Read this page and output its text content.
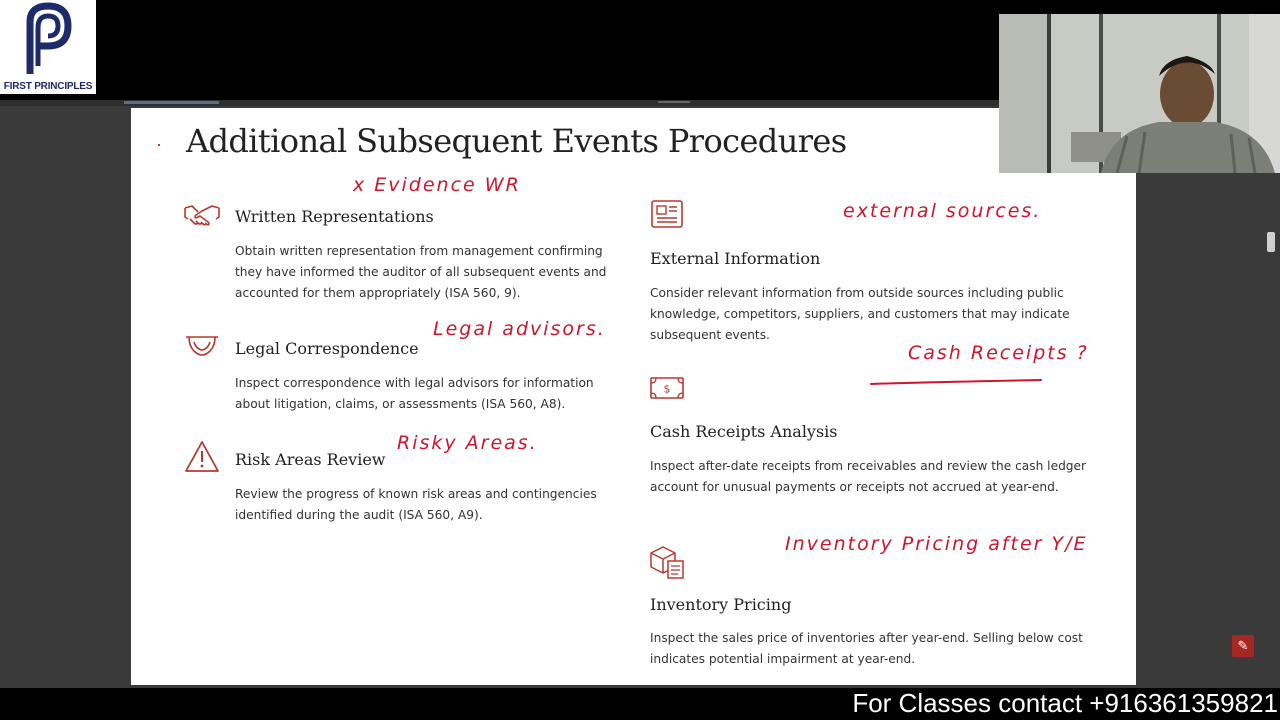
FIRST PRINCIPLES
✎
Additional Subsequent Events Procedures
Written Representations
Obtain written representation from management confirming they have informed the auditor of all subsequent events and accounted for them appropriately (ISA 560, 9).
Legal Correspondence
Inspect correspondence with legal advisors for information about litigation, claims, or assessments (ISA 560, A8).
Risk Areas Review
Review the progress of known risk areas and contingencies identified during the audit (ISA 560, A9).
External Information
Consider relevant information from outside sources including public knowledge, competitors, suppliers, and customers that may indicate subsequent events.
$
Cash Receipts Analysis
Inspect after-date receipts from receivables and review the cash ledger account for unusual payments or receipts not accrued at year-end.
Inventory Pricing
Inspect the sales price of inventories after year-end. Selling below cost indicates potential impairment at year-end.
x Evidence WR
external sources.
Legal advisors.
Cash Receipts ?
Risky Areas.
Inventory Pricing after Y/E
For Classes contact +916361359821
